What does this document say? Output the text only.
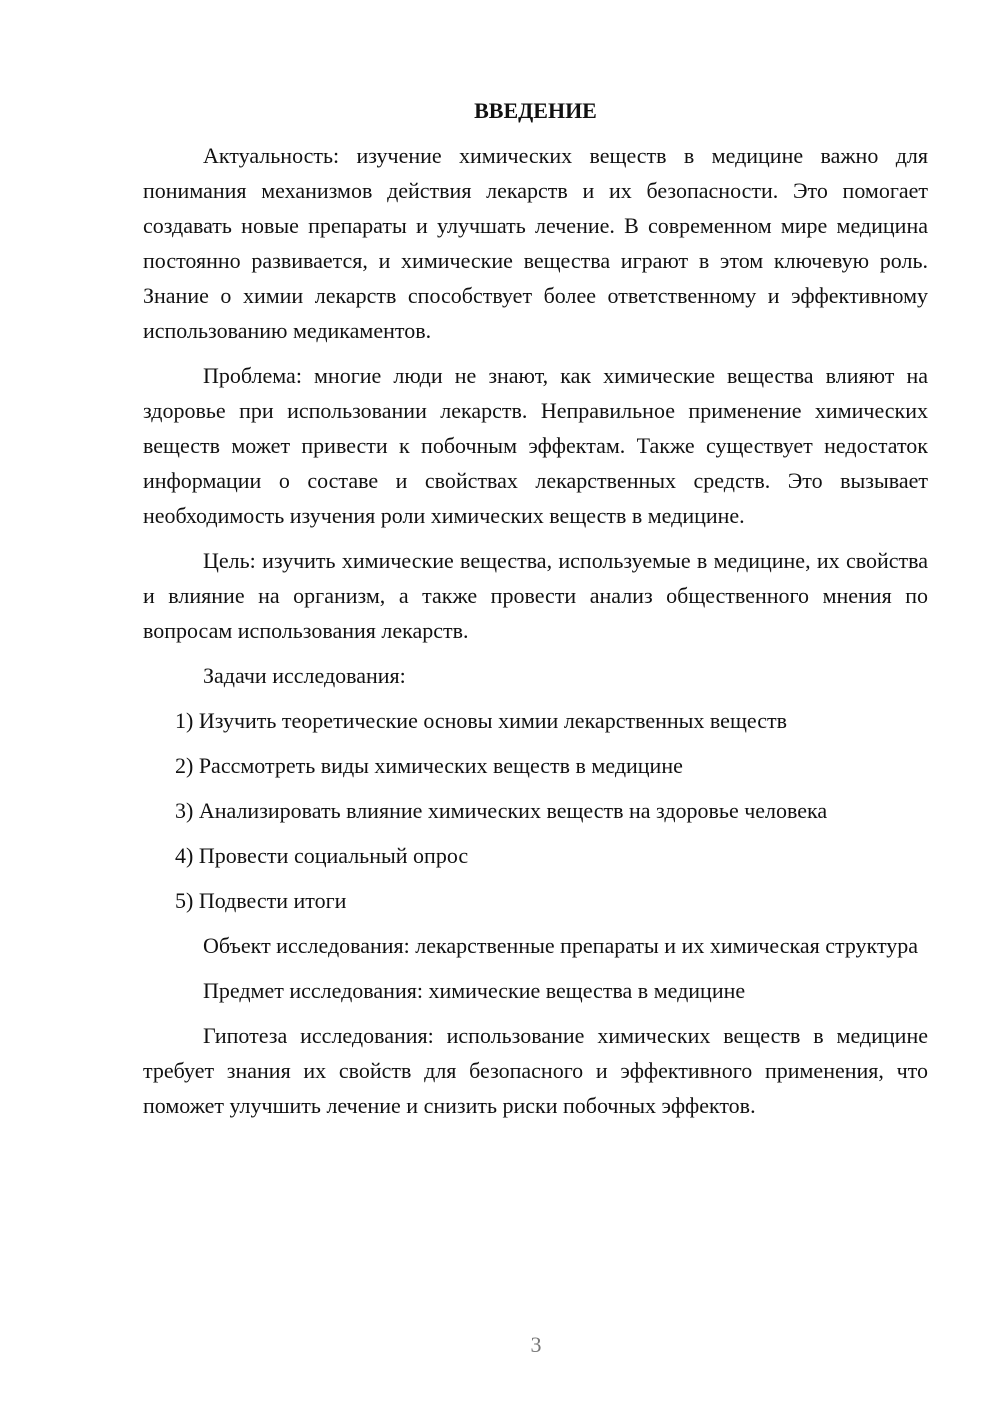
ВВЕДЕНИЕ

Актуальность: изучение химических веществ в медицине важно для понимания механизмов действия лекарств и их безопасности. Это помогает создавать новые препараты и улучшать лечение. В современном мире медицина постоянно развивается, и химические вещества играют в этом ключевую роль. Знание о химии лекарств способствует более ответственному и эффективному использованию медикаментов.

Проблема: многие люди не знают, как химические вещества влияют на здоровье при использовании лекарств. Неправильное применение химических веществ может привести к побочным эффектам. Также существует недостаток информации о составе и свойствах лекарственных средств. Это вызывает необходимость изучения роли химических веществ в медицине.

Цель: изучить химические вещества, используемые в медицине, их свойства и влияние на организм, а также провести анализ общественного мнения по вопросам использования лекарств.

Задачи исследования:

1) Изучить теоретические основы химии лекарственных веществ
2) Рассмотреть виды химических веществ в медицине
3) Анализировать влияние химических веществ на здоровье человека
4) Провести социальный опрос
5) Подвести итоги

Объект исследования: лекарственные препараты и их химическая структура

Предмет исследования: химические вещества в медицине

Гипотеза исследования: использование химических веществ в медицине требует знания их свойств для безопасного и эффективного применения, что поможет улучшить лечение и снизить риски побочных эффектов.

3
